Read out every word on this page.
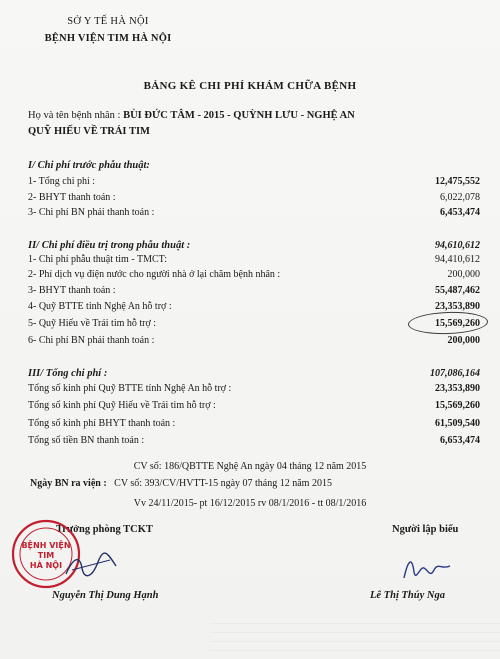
SỞ Y TẾ HÀ NỘI
BỆNH VIỆN TIM HÀ NỘI
BẢNG KÊ CHI PHÍ KHÁM CHỮA BỆNH
Họ và tên bệnh nhân : BÙI ĐỨC TÂM - 2015 - QUỲNH LƯU - NGHỆ AN
QUỸ HIẾU VỀ TRÁI TIM
I/ Chi phí trước phẫu thuật:
1- Tổng chi phí :	12,475,552
2- BHYT thanh toán :	6,022,078
3- Chi phí BN phải thanh toán :	6,453,474
II/ Chi phí điều trị trong phẫu thuật :	94,610,612
1- Chi phí phẫu thuật tim - TMCT:	94,410,612
2- Phí dịch vụ điện nước cho người nhà ở lại chăm bệnh nhân :	200,000
3- BHYT thanh toán :	55,487,462
4- Quỹ BTTE tỉnh Nghệ An hỗ trợ :	23,353,890
5- Quỹ Hiếu về Trái tim hỗ trợ :	15,569,260
6- Chi phí BN phải thanh toán :	200,000
III/ Tổng chi phí :	107,086,164
Tổng số kinh phí Quỹ BTTE tỉnh Nghệ An hỗ trợ :	23,353,890
Tổng số kinh phí Quỹ Hiếu về Trái tim hỗ trợ :	15,569,260
Tổng số kinh phí BHYT thanh toán :	61,509,540
Tổng số tiền BN thanh toán :	6,653,474
CV số: 186/QBTTE Nghệ An ngày 04 tháng 12 năm 2015
Ngày BN ra viện : CV số: 393/CV/HVTT-15 ngày 07 tháng 12 năm 2015
Vv 24/11/2015- pt 16/12/2015 rv 08/1/2016 - tt 08/1/2016
Trưởng phòng TCKT	Người lập biểu
BỆNH VIỆN
TIM
HÀ NỘI
Nguyễn Thị Dung Hạnh	Lê Thị Thúy Nga
